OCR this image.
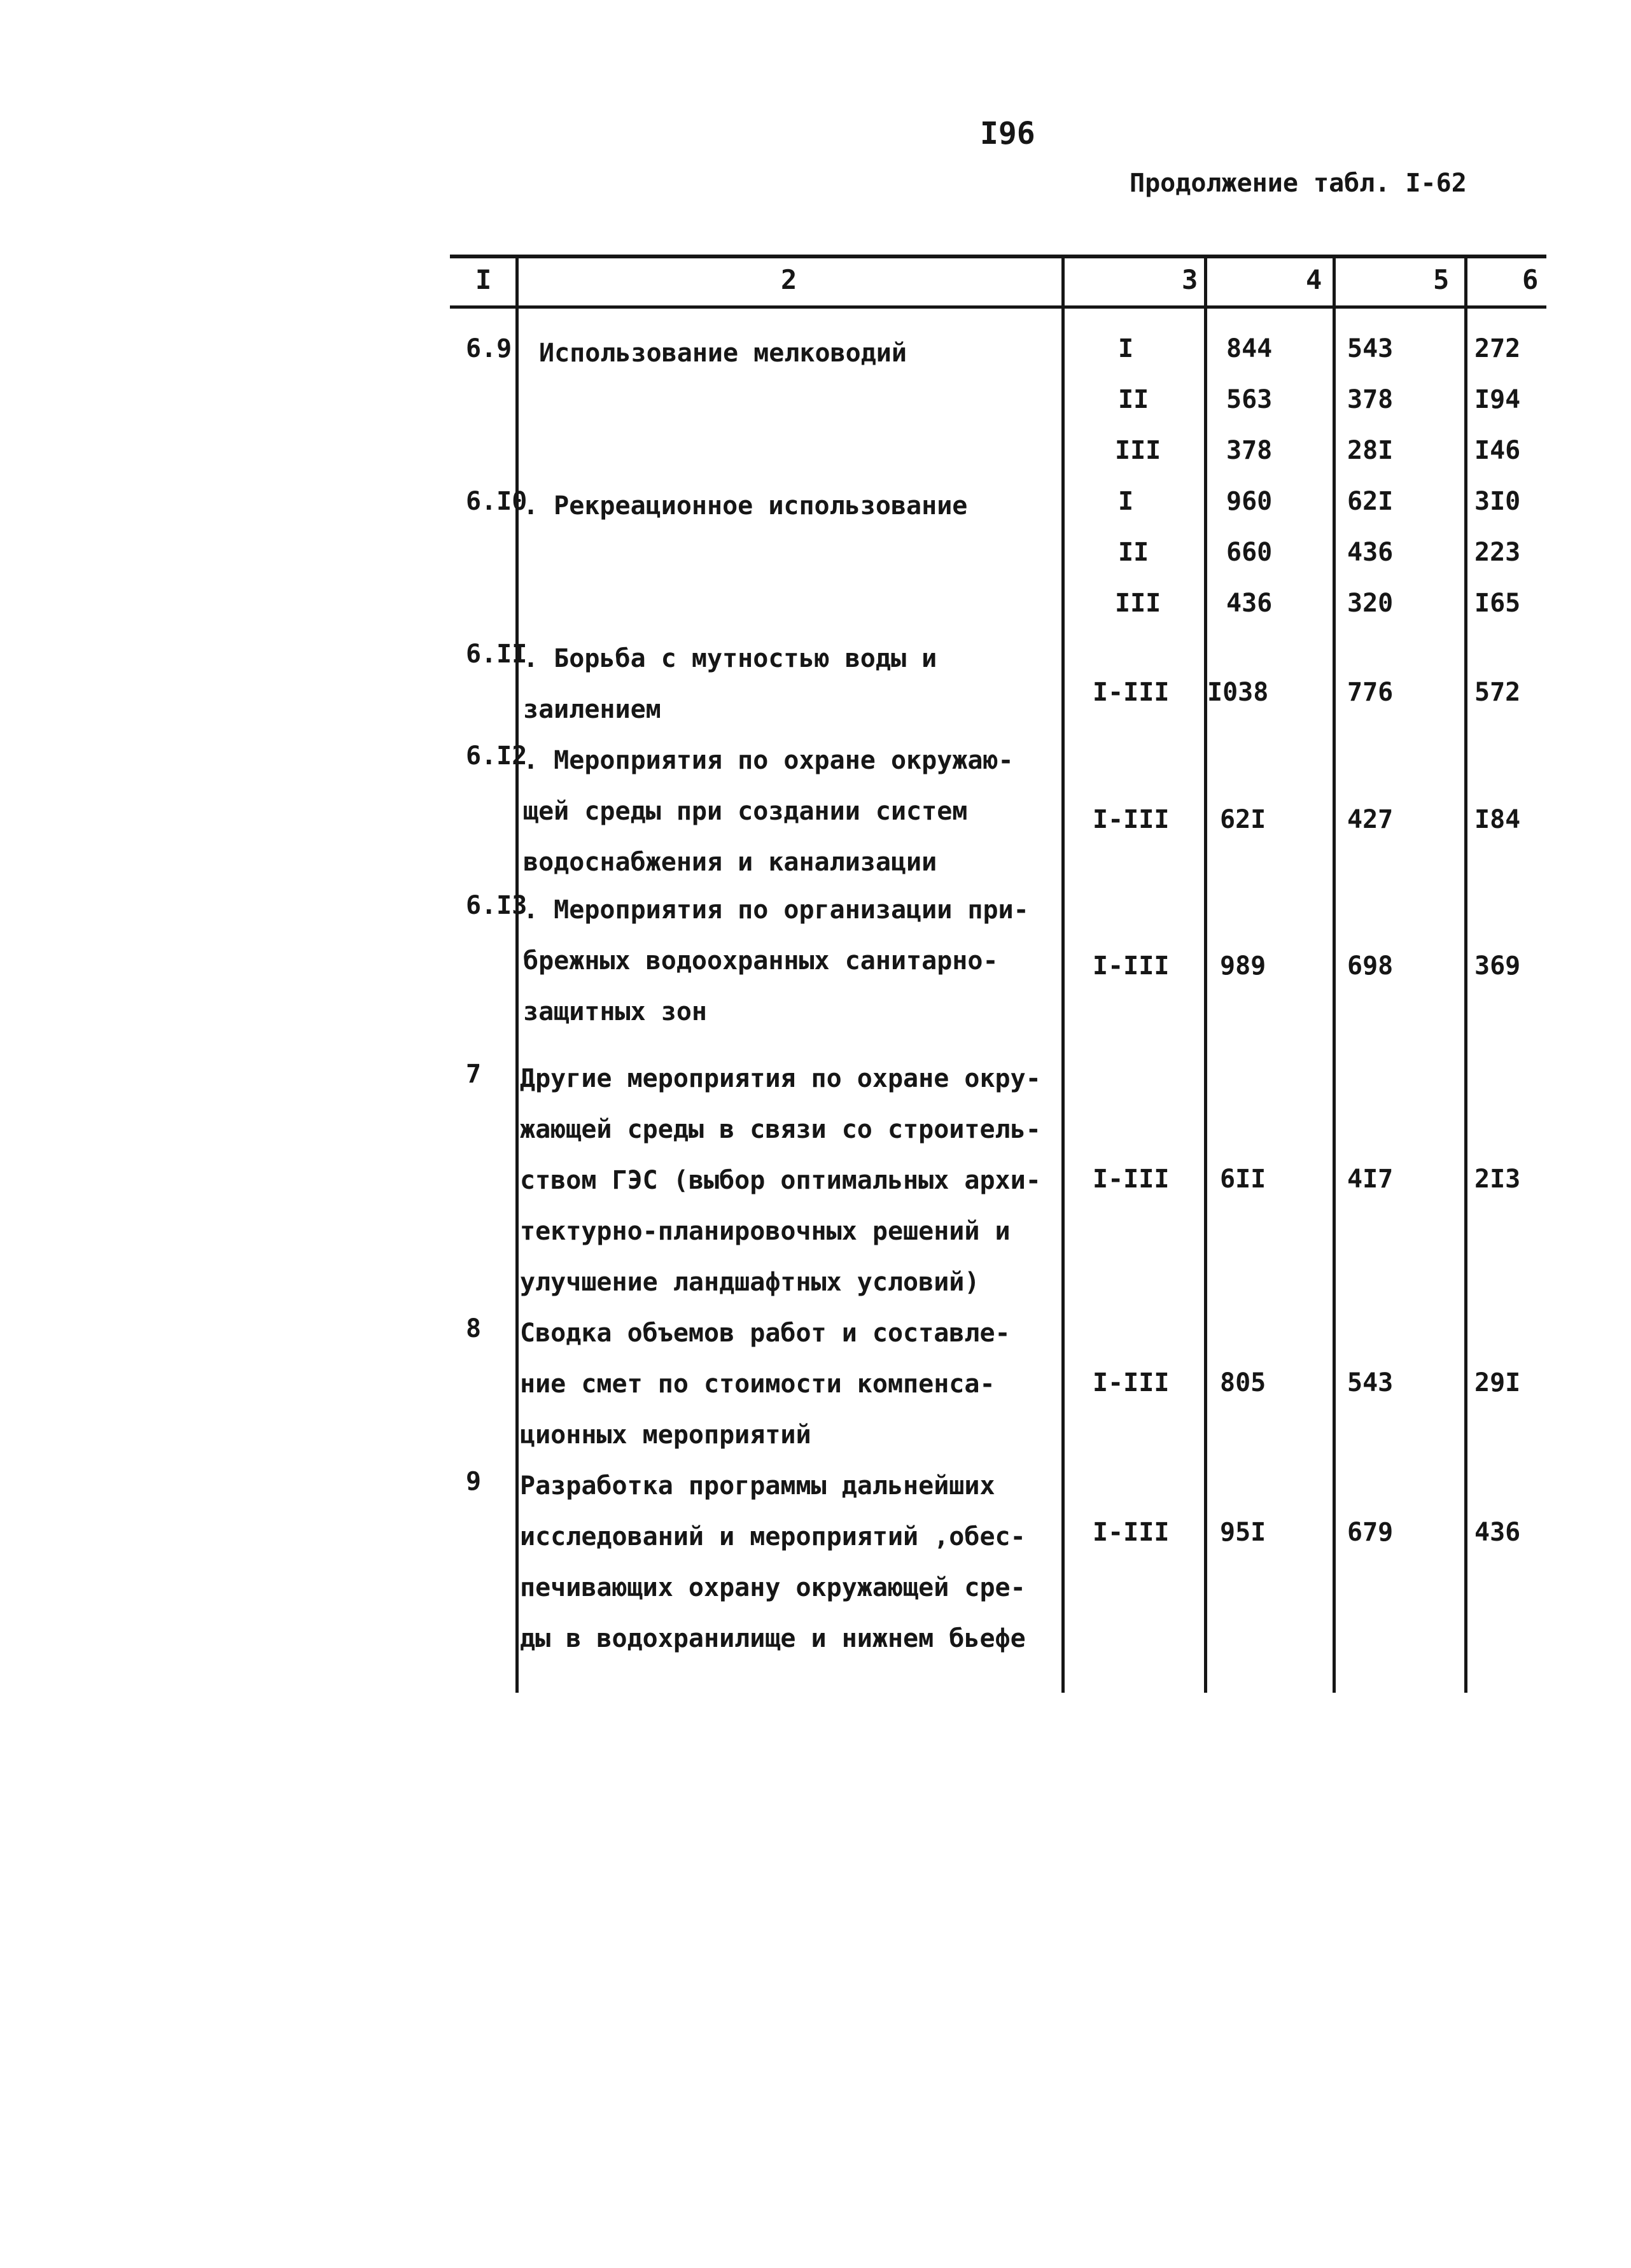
I96
Продолжение табл. I-62
I	2	3	4	5	6
6.9 Использование мелководий	I	844	543	272
II	563	378	I94
III	378	28I	I46
6.I0
. Рекреационное использование	I	960	62I	3I0
II	660	436	223
III	436	320	I65
6.II
. Борьба с мутностью воды и
заилением
I-III I038	776	572
6.I2
. Мероприятия по охране окружаю-
щей среды при создании систем
водоснабжения и канализации
I-III 62I	427	I84
6.I3
. Мероприятия по организации при-
брежных водоохранных санитарно-
защитных зон
I-III 989	698	369
7 Другие мероприятия по охране окру-
жающей среды в связи со строитель-
ством ГЭС (выбор оптимальных архи-
тектурно-планировочных решений и
улучшение ландшафтных условий)
I-III 6II	4I7	2I3
8 Сводка объемов работ и составле-
ние смет по стоимости компенса-
ционных мероприятий
I-III 805	543	29I
9 Разработка программы дальнейших
исследований и мероприятий ,обес-
печивающих охрану окружающей сре-
ды в водохранилище и нижнем бьефе
I-III 95I	679	436
